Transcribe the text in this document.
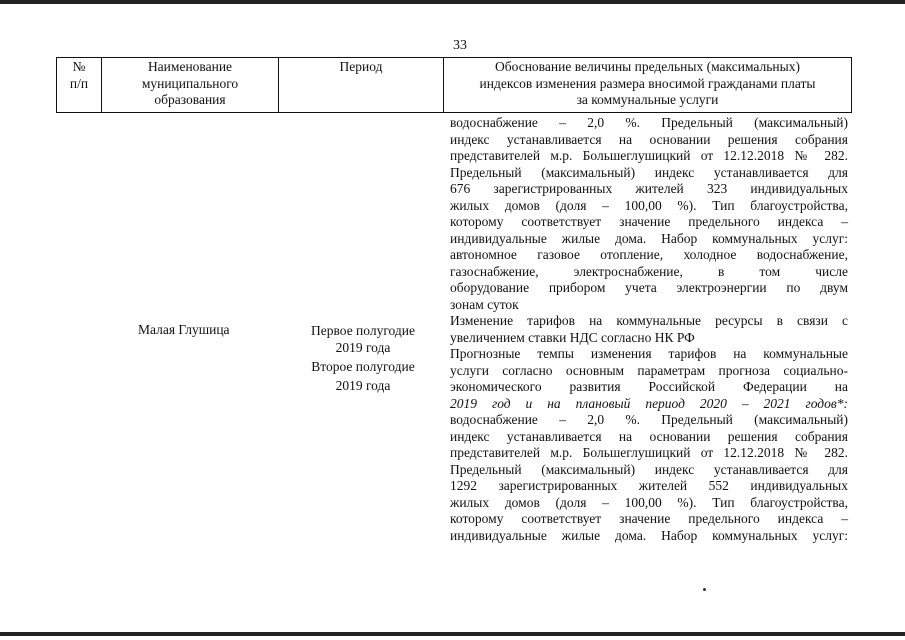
33
№
п/п
Наименование
муниципального
образования
Период	Обоснование величины предельных (максимальных)
индексов изменения размера вносимой гражданами платы
за коммунальные услуги
водоснабжение – 2,0 %. Предельный (максимальный)
индекс устанавливается на основании решения собрания
представителей м.р. Большеглушицкий от 12.12.2018 № 282.
Предельный (максимальный) индекс устанавливается для
676 зарегистрированных жителей 323 индивидуальных
жилых домов (доля – 100,00 %). Тип благоустройства,
которому соответствует значение предельного индекса –
индивидуальные жилые дома. Набор коммунальных услуг:
автономное газовое отопление, холодное водоснабжение,
газоснабжение, электроснабжение, в том числе
оборудование прибором учета электроэнергии по двум
зонам суток
Изменение тарифов на коммунальные ресурсы в связи с
увеличением ставки НДС согласно НК РФ
Прогнозные темпы изменения тарифов на коммунальные
услуги согласно основным параметрам прогноза социально-
экономического развития Российской Федерации на
2019 год и на плановый период 2020 – 2021 годов*:
водоснабжение – 2,0 %. Предельный (максимальный)
индекс устанавливается на основании решения собрания
представителей м.р. Большеглушицкий от 12.12.2018 № 282.
Предельный (максимальный) индекс устанавливается для
1292 зарегистрированных жителей 552 индивидуальных
жилых домов (доля – 100,00 %). Тип благоустройства,
которому соответствует значение предельного индекса –
индивидуальные жилые дома. Набор коммунальных услуг:
Малая Глушица	Первое полугодие
2019 года
Второе полугодие
2019 года
